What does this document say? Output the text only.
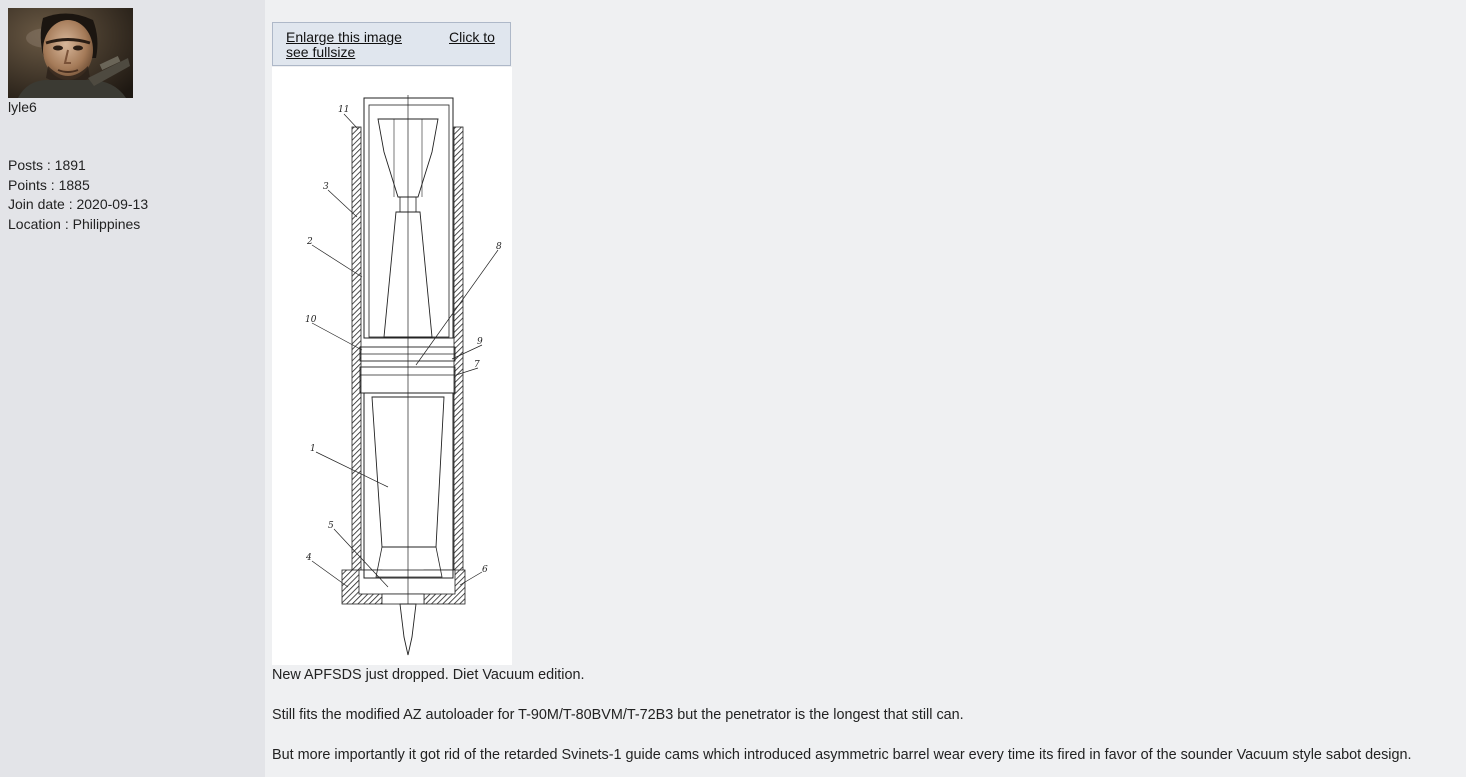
lyle6
Posts : 1891
Points : 1885
Join date : 2020-09-13
Location : Philippines
Enlarge this image
see fullsize
Click to
11
3
2	8
10
9
7
1
5
4
6

New APFSDS just dropped. Diet Vacuum edition.

Still fits the modified AZ autoloader for T-90M/T-80BVM/T-72B3 but the penetrator is the longest that still can.

But more importantly it got rid of the retarded Svinets-1 guide cams which introduced asymmetric barrel wear every time its fired in favor of the sounder Vacuum style sabot design.
